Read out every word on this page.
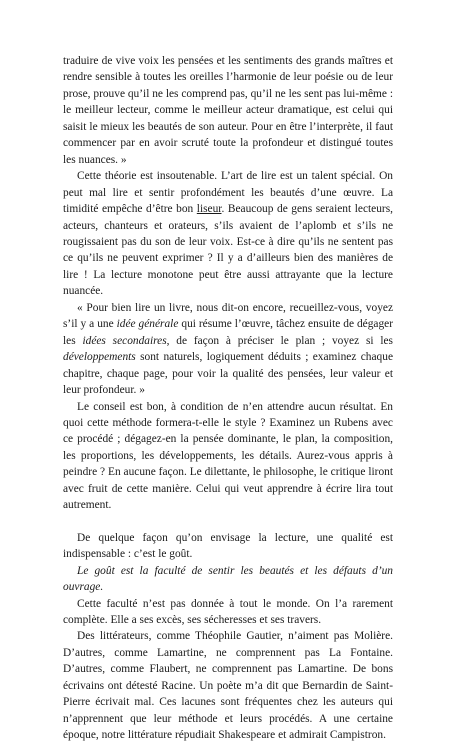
traduire de vive voix les pensées et les sentiments des grands maîtres et rendre sensible à toutes les oreilles l’harmonie de leur poésie ou de leur prose, prouve qu’il ne les comprend pas, qu’il ne les sent pas lui-même : le meilleur lecteur, comme le meilleur acteur dramatique, est celui qui saisit le mieux les beautés de son auteur. Pour en être l’interprète, il faut commencer par en avoir scruté toute la profondeur et distingué toutes les nuances. »

Cette théorie est insoutenable. L’art de lire est un talent spécial. On peut mal lire et sentir profondément les beautés d’une œuvre. La timidité empêche d’être bon liseur. Beaucoup de gens seraient lecteurs, acteurs, chanteurs et orateurs, s’ils avaient de l’aplomb et s’ils ne rougissaient pas du son de leur voix. Est-ce à dire qu’ils ne sentent pas ce qu’ils ne peuvent exprimer ? Il y a d’ailleurs bien des manières de lire ! La lecture monotone peut être aussi attrayante que la lecture nuancée.

« Pour bien lire un livre, nous dit-on encore, recueillez-vous, voyez s’il y a une idée générale qui résume l’œuvre, tâchez ensuite de dégager les idées secondaires, de façon à préciser le plan ; voyez si les développements sont naturels, logiquement déduits ; examinez chaque chapitre, chaque page, pour voir la qualité des pensées, leur valeur et leur profondeur. »

Le conseil est bon, à condition de n’en attendre aucun résultat. En quoi cette méthode formera-t-elle le style ? Examinez un Rubens avec ce procédé ; dégagez-en la pensée dominante, le plan, la composition, les proportions, les développements, les détails. Aurez-vous appris à peindre ? En aucune façon. Le dilettante, le philosophe, le critique liront avec fruit de cette manière. Celui qui veut apprendre à écrire lira tout autrement.

De quelque façon qu’on envisage la lecture, une qualité est indispensable : c’est le goût.

Le goût est la faculté de sentir les beautés et les défauts d’un ouvrage.

Cette faculté n’est pas donnée à tout le monde. On l’a rarement complète. Elle a ses excès, ses sécheresses et ses travers.

Des littérateurs, comme Théophile Gautier, n’aiment pas Molière. D’autres, comme Lamartine, ne comprennent pas La Fontaine. D’autres, comme Flaubert, ne comprennent pas Lamartine. De bons écrivains ont détesté Racine. Un poète m’a dit que Bernardin de Saint-Pierre écrivait mal. Ces lacunes sont fréquentes chez les auteurs qui n’apprennent que leur méthode et leurs procédés. A une certaine époque, notre littérature répudiait Shakespeare et admirait Campistron.
